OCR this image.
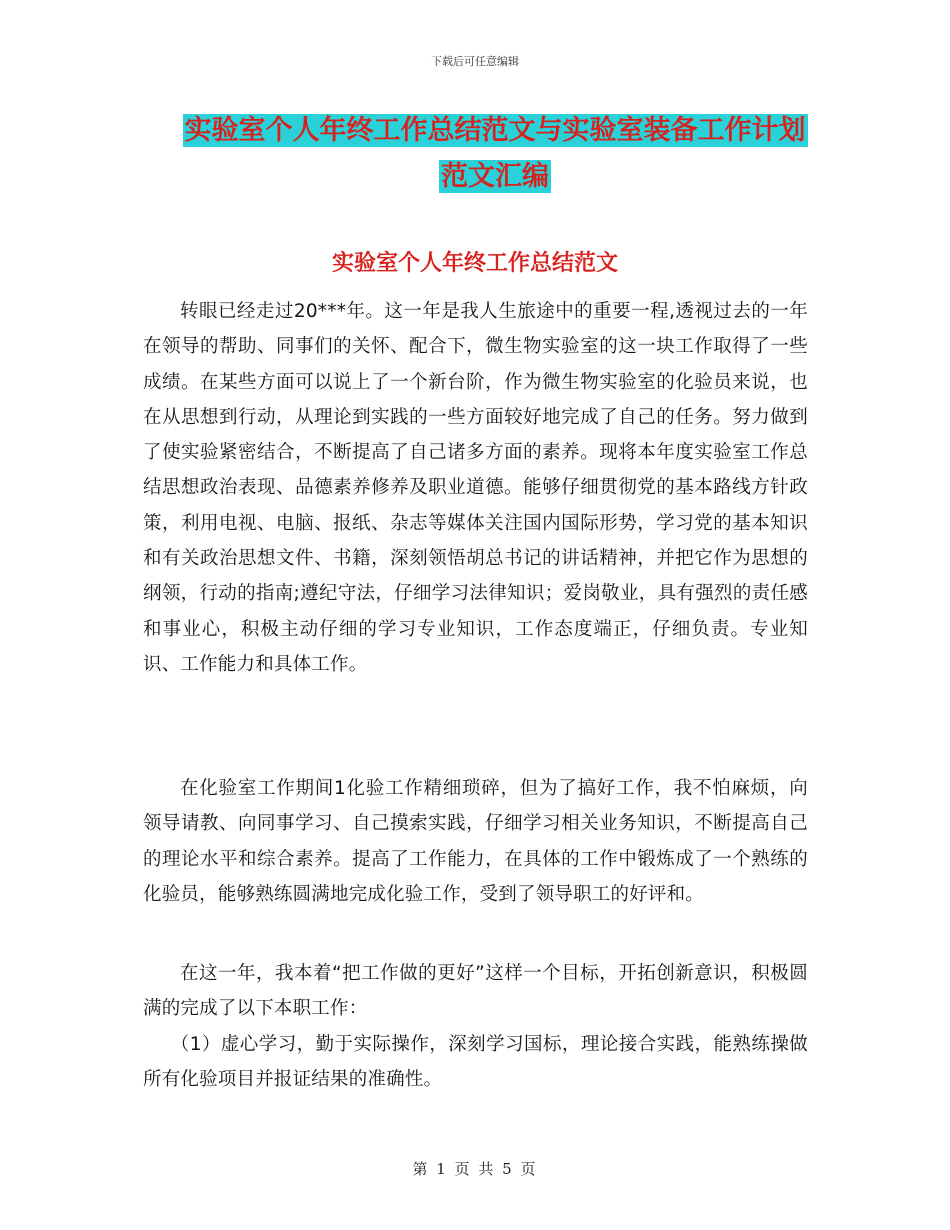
下载后可任意编辑
实验室个人年终工作总结范文与实验室装备工作计划
范文汇编
实验室个人年终工作总结范文

转眼已经走过20***年。这一年是我人生旅途中的重要一程,透视过去的一年在领导的帮助、同事们的关怀、配合下，微生物实验室的这一块工作取得了一些成绩。在某些方面可以说上了一个新台阶，作为微生物实验室的化验员来说，也在从思想到行动，从理论到实践的一些方面较好地完成了自己的任务。努力做到了使实验紧密结合，不断提高了自己诸多方面的素养。现将本年度实验室工作总结思想政治表现、品德素养修养及职业道德。能够仔细贯彻党的基本路线方针政策，利用电视、电脑、报纸、杂志等媒体关注国内国际形势，学习党的基本知识和有关政治思想文件、书籍，深刻领悟胡总书记的讲话精神，并把它作为思想的纲领，行动的指南;遵纪守法，仔细学习法律知识；爱岗敬业，具有强烈的责任感和事业心，积极主动仔细的学习专业知识，工作态度端正，仔细负责。专业知识、工作能力和具体工作。

在化验室工作期间1化验工作精细琐碎，但为了搞好工作，我不怕麻烦，向领导请教、向同事学习、自己摸索实践，仔细学习相关业务知识，不断提高自己的理论水平和综合素养。提高了工作能力，在具体的工作中锻炼成了一个熟练的化验员，能够熟练圆满地完成化验工作，受到了领导职工的好评和。

在这一年，我本着“把工作做的更好”这样一个目标，开拓创新意识，积极圆满的完成了以下本职工作：

（1）虚心学习，勤于实际操作，深刻学习国标，理论接合实践，能熟练操做所有化验项目并报证结果的准确性。

第 1 页 共 5 页
